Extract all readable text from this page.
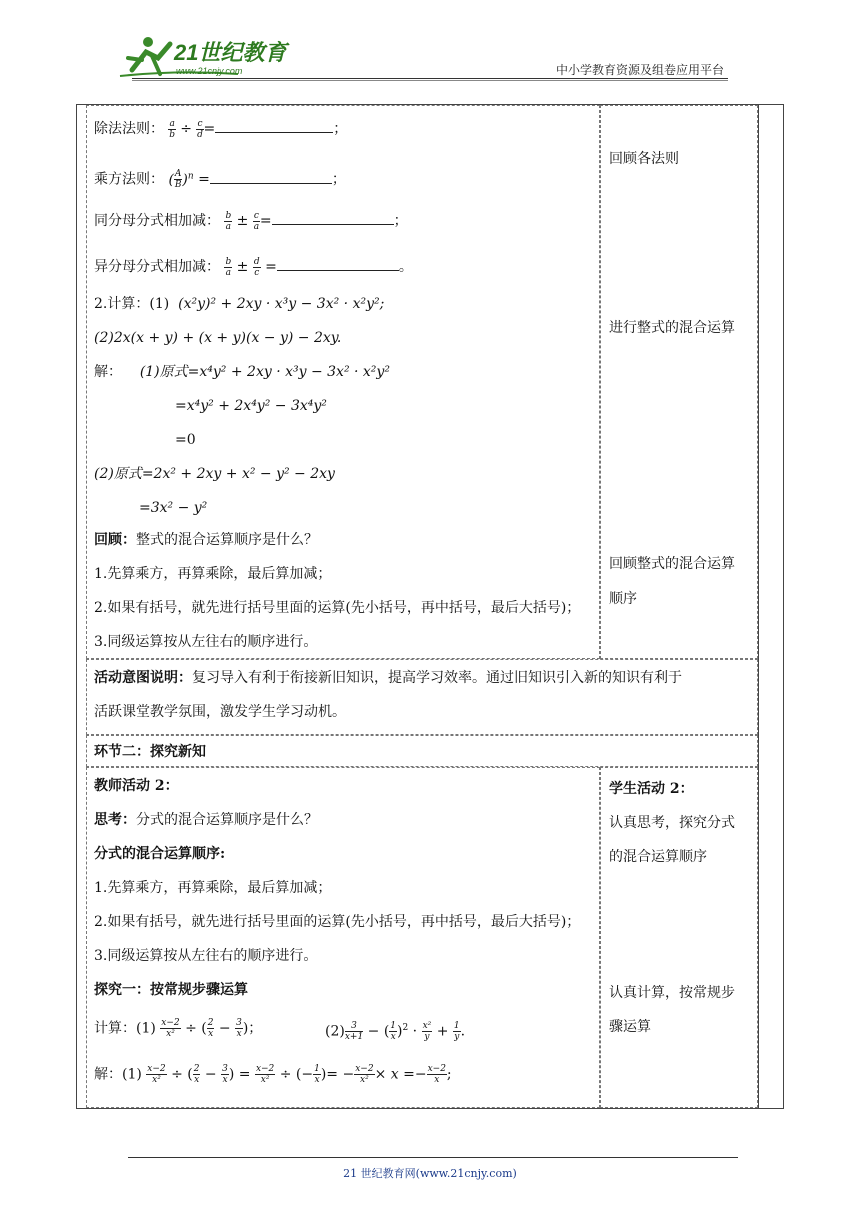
21世纪教育
www.21cnjy.com	中小学教育资源及组卷应用平台
除法法则： $\frac{a}{b} \div \frac{c}{d}$ =	；
乘方法则： ( $\frac{A}{B} )^n$ =	；
同分母分式相加减： $\frac{b}{a} \pm \frac{c}{a}$ =	；
异分母分式相加减： $\frac{b}{a} \pm \frac{d}{c}$ =	。
2.计算：(1) (x²y)² + 2xy · x³y − 3x² · x²y²;
(2)2x(x + y) + (x + y)(x − y) − 2xy.
解： (1)原式=x⁴y² + 2xy · x³y − 3x² · x²y²
=x⁴y² + 2x⁴y² − 3x⁴y²
=0
(2)原式=2x² + 2xy + x² − y² − 2xy
=3x² − y²
回顾：整式的混合运算顺序是什么？
1.先算乘方，再算乘除，最后算加减；
2.如果有括号，就先进行括号里面的运算(先小括号，再中括号，最后大括号)；
3.同级运算按从左往右的顺序进行。
回顾各法则
进行整式的混合运算
回顾整式的混合运算
顺序
活动意图说明：复习导入有利于衔接新旧知识，提高学习效率。通过旧知识引入新的知识有利于
活跃课堂教学氛围，激发学生学习动机。
环节二：探究新知
教师活动 2：
思考：分式的混合运算顺序是什么？
分式的混合运算顺序:
1.先算乘方，再算乘除，最后算加减；
2.如果有括号，就先进行括号里面的运算(先小括号，再中括号，最后大括号)；
3.同级运算按从左往右的顺序进行。
探究一：按常规步骤运算
计算：$(1) \frac{x-2}{\text{x²}}$ ÷ ( $\frac{2}{x} - \frac{3}{x}$ )；	$(2) \frac{3}{x+1}$ − ( $\frac{1}{x} )^2 \cdot \frac{\text{x²}}{y} + \frac{1}{y}$ .
解：$(1) \frac{x-2}{\text{x²}}$ ÷ ( $\frac{2}{x} - \frac{3}{x}$ ) = $\frac{x-2}{\text{x²}}$ ÷ (− $\frac{1}{x}$ )= − $\frac{x-2}{\text{x²}} \times x =- \frac{x-2}{x}$ ;
学生活动 2：
认真思考，探究分式
的混合运算顺序
认真计算，按常规步
骤运算
21 世纪教育网(www.21cnjy.com)
